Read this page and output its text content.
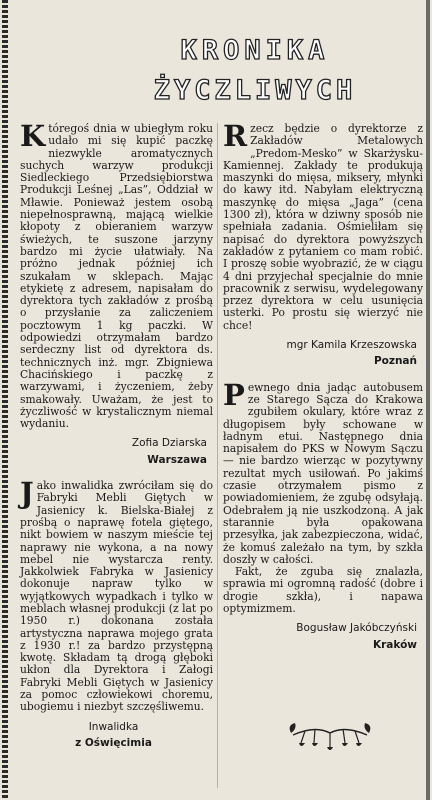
KRONIKA
ŻYCZLIWYCH

Któregoś dnia w ubiegłym roku udało mi się kupić paczkę niezwykle aromatycznych suchych warzyw produkcji Siedleckiego Przedsiębiorstwa Produkcji Leśnej „Las”, Oddział w Mławie. Ponieważ jestem osobą niepełnosprawną, mającą wielkie kłopoty z obieraniem warzyw świeżych, te suszone jarzyny bardzo mi życie ułatwiały. Na próżno jednak później ich szukałam w sklepach. Mając etykietę z adresem, napisałam do dyrektora tych zakładów z prośbą o przysłanie za zaliczeniem pocztowym 1 kg paczki. W odpowiedzi otrzymałam bardzo serdeczny list od dyrektora ds. technicznych inż. mgr. Zbigniewa Chacińskiego i paczkę z warzywami, i życzeniem, żeby smakowały. Uważam, że jest to życzliwość w krystalicznym niemal wydaniu.

Zofia Dziarska
Warszawa

Jako inwalidka zwróciłam się do Fabryki Mebli Giętych w Jasienicy k. Bielska-Białej z prośbą o naprawę fotela giętego, nikt bowiem w naszym mieście tej naprawy nie wykona, a na nowy mebel nie wystarcza renty. Jakkolwiek Fabryka w Jasienicy dokonuje napraw tylko w wyjątkowych wypadkach i tylko w meblach własnej produkcji (z lat po 1950 r.) dokonana została artystyczna naprawa mojego grata z 1930 r.! za bardzo przystępną kwotę. Składam tą drogą głęboki ukłon dla Dyrektora i Załogi Fabryki Mebli Giętych w Jasienicy za pomoc człowiekowi choremu, ubogiemu i niezbyt szczęśliwemu.

Inwalidka
z Oświęcimia

Rzecz będzie o dyrektorze z Zakładów Metalowych „Predom-Mesko” w Skarżysku-Kamiennej. Zakłady te produkują maszynki do mięsa, miksery, młynki do kawy itd. Nabyłam elektryczną maszynkę do mięsa „Jaga” (cena 1300 zł), która w dziwny sposób nie spełniała zadania. Ośmieliłam się napisać do dyrektora powyższych zakładów z pytaniem co mam robić. I proszę sobie wyobrazić, że w ciągu 4 dni przyjechał specjalnie do mnie pracownik z serwisu, wydelegowany przez dyrektora w celu usunięcia usterki. Po prostu się wierzyć nie chce!

mgr Kamila Krzeszowska
Poznań

Pewnego dnia jadąc autobusem ze Starego Sącza do Krakowa zgubiłem okulary, które wraz z długopisem były schowane w ładnym etui. Następnego dnia napisałem do PKS w Nowym Sączu — nie bardzo wierząc w pozytywny rezultat mych usiłowań. Po jakimś czasie otrzymałem pismo z powiadomieniem, że zgubę odsyłają. Odebrałem ją nie uszkodzoną. A jak starannie była opakowana przesyłka, jak zabezpieczona, widać, że komuś zależało na tym, by szkła doszły w całości.

Fakt, że zguba się znalazła, sprawia mi ogromną radość (dobre i drogie szkła), i napawa optymizmem.

Bogusław Jakóbczyński
Kraków
